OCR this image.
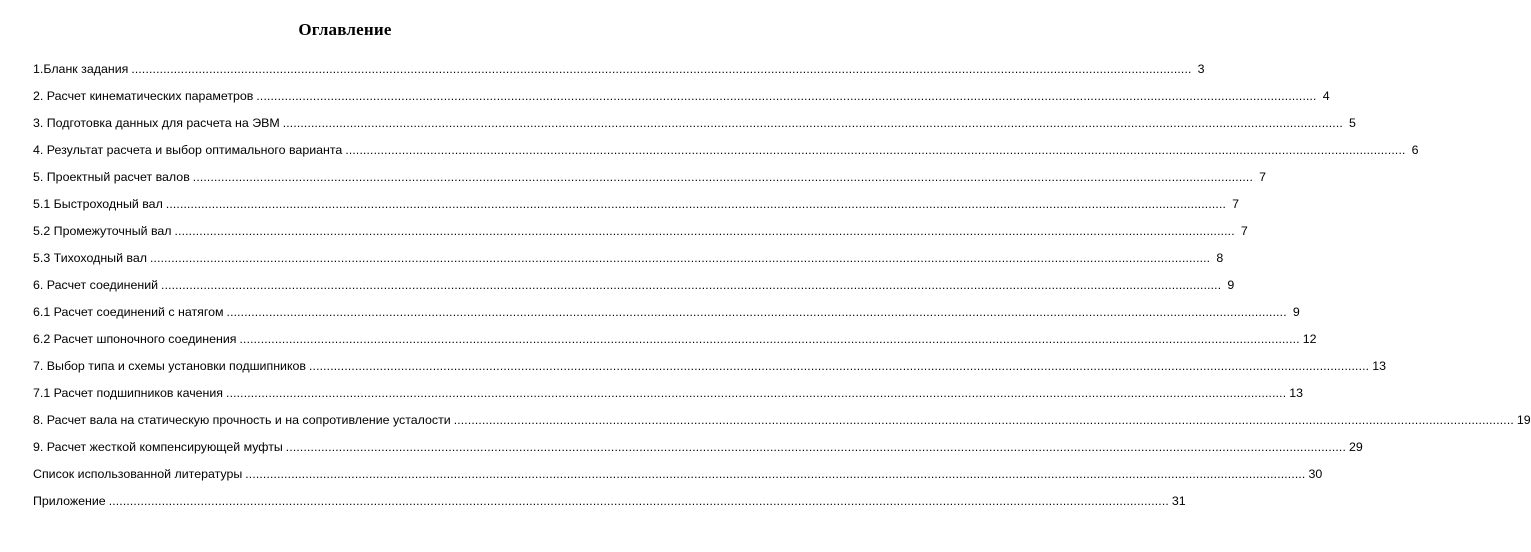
Оглавление
1.Бланк задания ............................................................................................................................................................................................................................................................................................................ 3
2. Расчет кинематических параметров ............................................................................................................................................................................................................................................................................................................ 4
3. Подготовка данных для расчета на ЭВМ ............................................................................................................................................................................................................................................................................................................ 5
4. Результат расчета и выбор оптимального варианта ............................................................................................................................................................................................................................................................................................................ 6
5. Проектный расчет валов ............................................................................................................................................................................................................................................................................................................ 7
5.1 Быстроходный вал ............................................................................................................................................................................................................................................................................................................ 7
5.2 Промежуточный вал ............................................................................................................................................................................................................................................................................................................ 7
5.3 Тихоходный вал ............................................................................................................................................................................................................................................................................................................ 8
6. Расчет соединений ............................................................................................................................................................................................................................................................................................................ 9
6.1 Расчет соединений с натягом ............................................................................................................................................................................................................................................................................................................ 9
6.2 Расчет шпоночного соединения ............................................................................................................................................................................................................................................................................................................ 12
7. Выбор типа и схемы установки подшипников ............................................................................................................................................................................................................................................................................................................ 13
7.1 Расчет подшипников качения ............................................................................................................................................................................................................................................................................................................ 13
8. Расчет вала на статическую прочность и на сопротивление усталости ............................................................................................................................................................................................................................................................................................................ 19
9. Расчет жесткой компенсирующей муфты ............................................................................................................................................................................................................................................................................................................ 29
Список использованной литературы ............................................................................................................................................................................................................................................................................................................ 30
Приложение ............................................................................................................................................................................................................................................................................................................ 31
